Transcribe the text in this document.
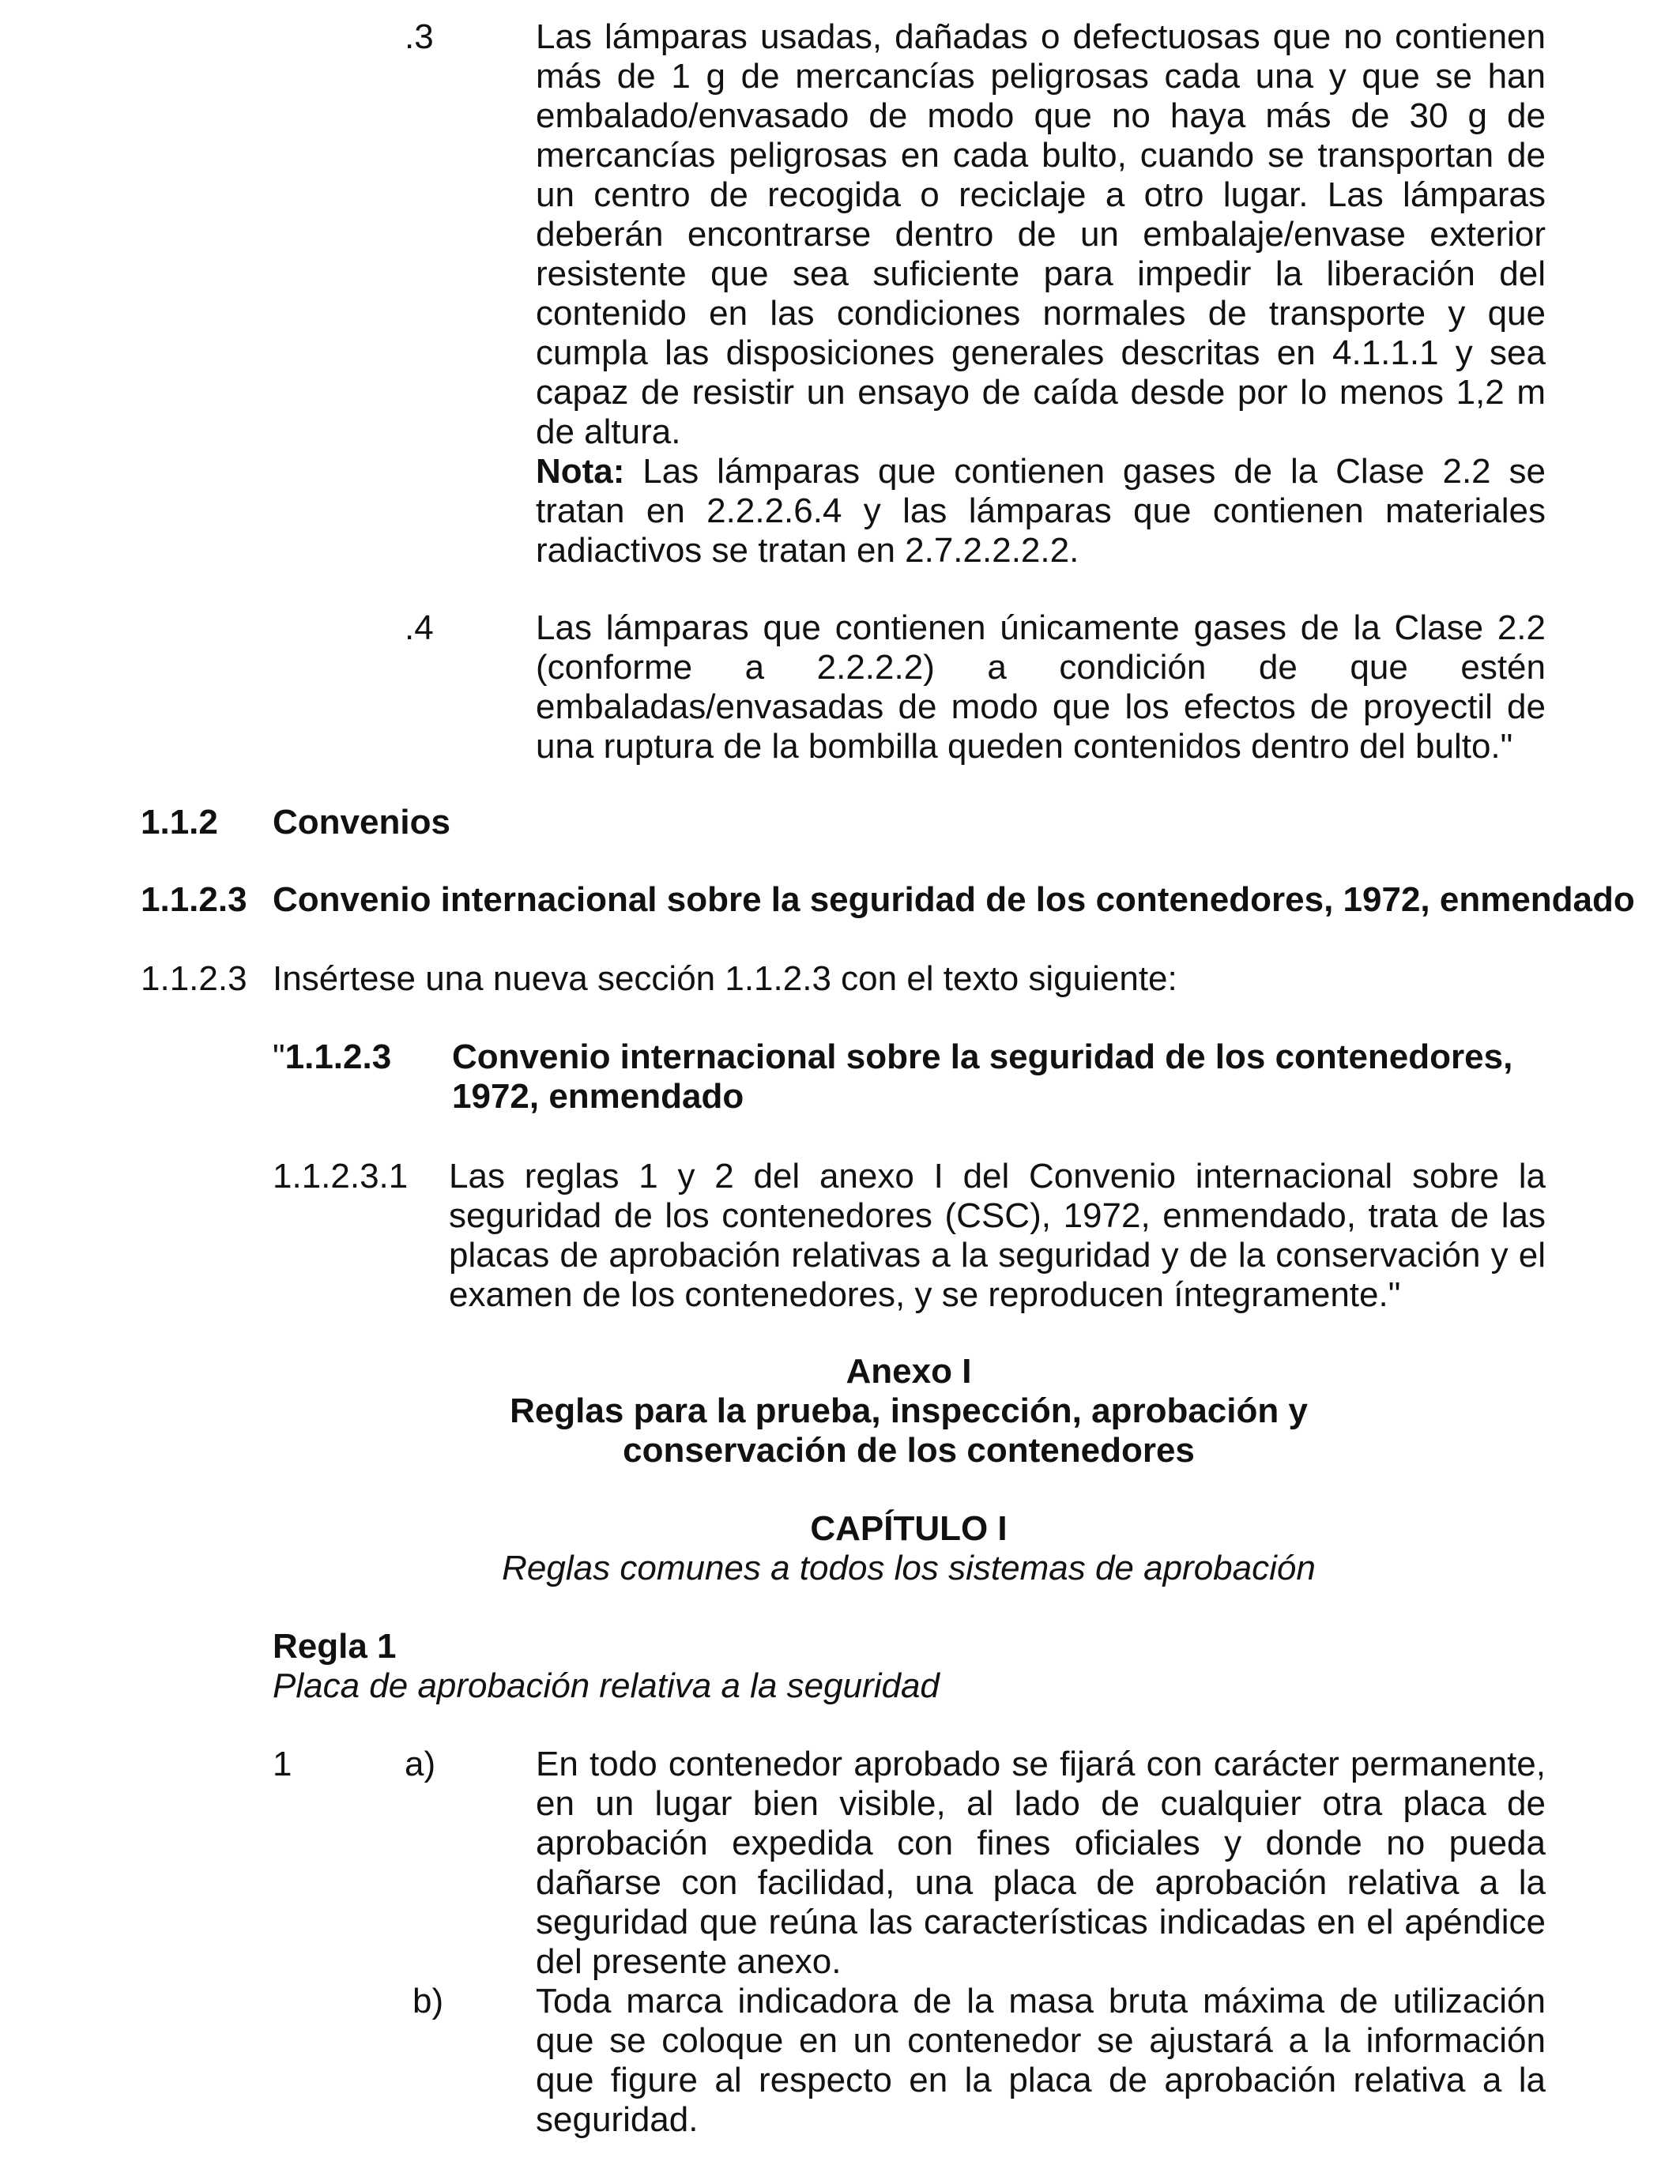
.3	Las lámparas usadas, dañadas o defectuosas que no contienen más de 1 g de mercancías peligrosas cada una y que se han embalado/envasado de modo que no haya más de 30 g de mercancías peligrosas en cada bulto, cuando se transportan de un centro de recogida o reciclaje a otro lugar. Las lámparas deberán encontrarse dentro de un embalaje/envase exterior resistente que sea suficiente para impedir la liberación del contenido en las condiciones normales de transporte y que cumpla las disposiciones generales descritas en 4.1.1.1 y sea capaz de resistir un ensayo de caída desde por lo menos 1,2 m de altura.
Nota: Las lámparas que contienen gases de la Clase 2.2 se tratan en 2.2.2.6.4 y las lámparas que contienen materiales radiactivos se tratan en 2.7.2.2.2.2.
.4	Las lámparas que contienen únicamente gases de la Clase 2.2 (conforme a 2.2.2.2) a condición de que estén embaladas/envasadas de modo que los efectos de proyectil de una ruptura de la bombilla queden contenidos dentro del bulto."
1.1.2 Convenios
1.1.2.3 Convenio internacional sobre la seguridad de los contenedores, 1972, enmendado
1.1.2.3 Insértese una nueva sección 1.1.2.3 con el texto siguiente:
"1.1.2.3 Convenio internacional sobre la seguridad de los contenedores, 1972, enmendado
1.1.2.3.1 Las reglas 1 y 2 del anexo I del Convenio internacional sobre la seguridad de los contenedores (CSC), 1972, enmendado, trata de las placas de aprobación relativas a la seguridad y de la conservación y el examen de los contenedores, y se reproducen íntegramente."
Anexo I
Reglas para la prueba, inspección, aprobación y
conservación de los contenedores
CAPÍTULO I
Reglas comunes a todos los sistemas de aprobación
Regla 1
Placa de aprobación relativa a la seguridad
1	a)	En todo contenedor aprobado se fijará con carácter permanente, en un lugar bien visible, al lado de cualquier otra placa de aprobación expedida con fines oficiales y donde no pueda dañarse con facilidad, una placa de aprobación relativa a la seguridad que reúna las características indicadas en el apéndice del presente anexo.
b)	Toda marca indicadora de la masa bruta máxima de utilización que se coloque en un contenedor se ajustará a la información que figure al respecto en la placa de aprobación relativa a la seguridad.
